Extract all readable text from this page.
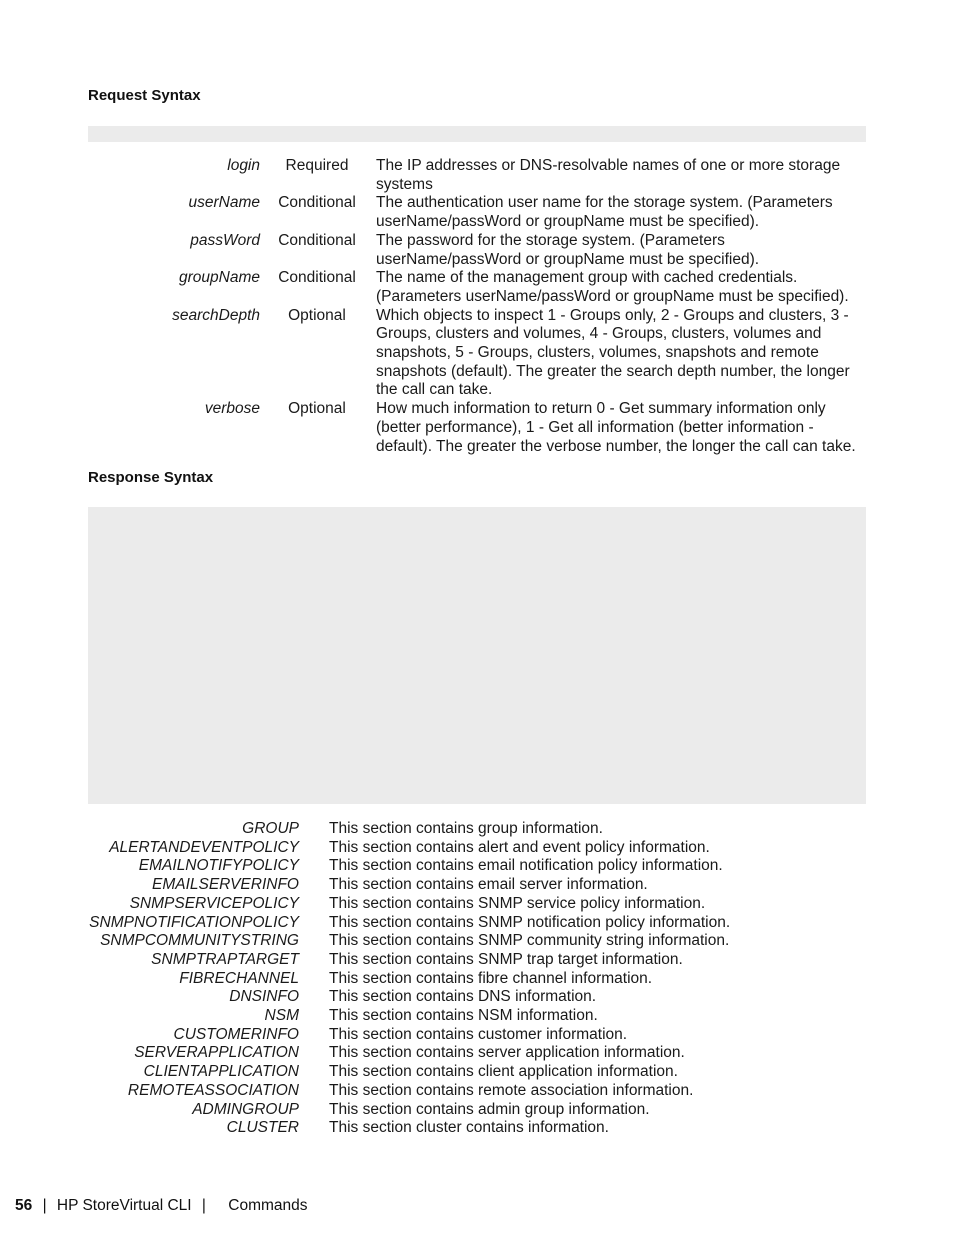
Request Syntax
login	Required	The IP addresses or DNS-resolvable names of one or more storage systems
userName	Conditional	The authentication user name for the storage system. (Parameters userName/passWord or groupName must be specified).
passWord	Conditional	The password for the storage system. (Parameters userName/passWord or groupName must be specified).
groupName	Conditional	The name of the management group with cached credentials. (Parameters userName/passWord or groupName must be specified).
searchDepth	Optional	Which objects to inspect 1 - Groups only, 2 - Groups and clusters, 3 - Groups, clusters and volumes, 4 - Groups, clusters, volumes and snapshots, 5 - Groups, clusters, volumes, snapshots and remote snapshots (default). The greater the search depth number, the longer the call can take.
verbose	Optional	How much information to return 0 - Get summary information only (better performance), 1 - Get all information (better information - default). The greater the verbose number, the longer the call can take.
Response Syntax
GROUP This section contains group information.
ALERTANDEVENTPOLICY This section contains alert and event policy information.
EMAILNOTIFYPOLICY This section contains email notification policy information.
EMAILSERVERINFO This section contains email server information.
SNMPSERVICEPOLICY This section contains SNMP service policy information.
SNMPNOTIFICATIONPOLICY This section contains SNMP notification policy information.
SNMPCOMMUNITYSTRING This section contains SNMP community string information.
SNMPTRAPTARGET This section contains SNMP trap target information.
FIBRECHANNEL This section contains fibre channel information.
DNSINFO This section contains DNS information.
NSM This section contains NSM information.
CUSTOMERINFO This section contains customer information.
SERVERAPPLICATION This section contains server application information.
CLIENTAPPLICATION This section contains client application information.
REMOTEASSOCIATION This section contains remote association information.
ADMINGROUP This section contains admin group information.
CLUSTER This section cluster contains information.
56 | HP StoreVirtual CLI | Commands
